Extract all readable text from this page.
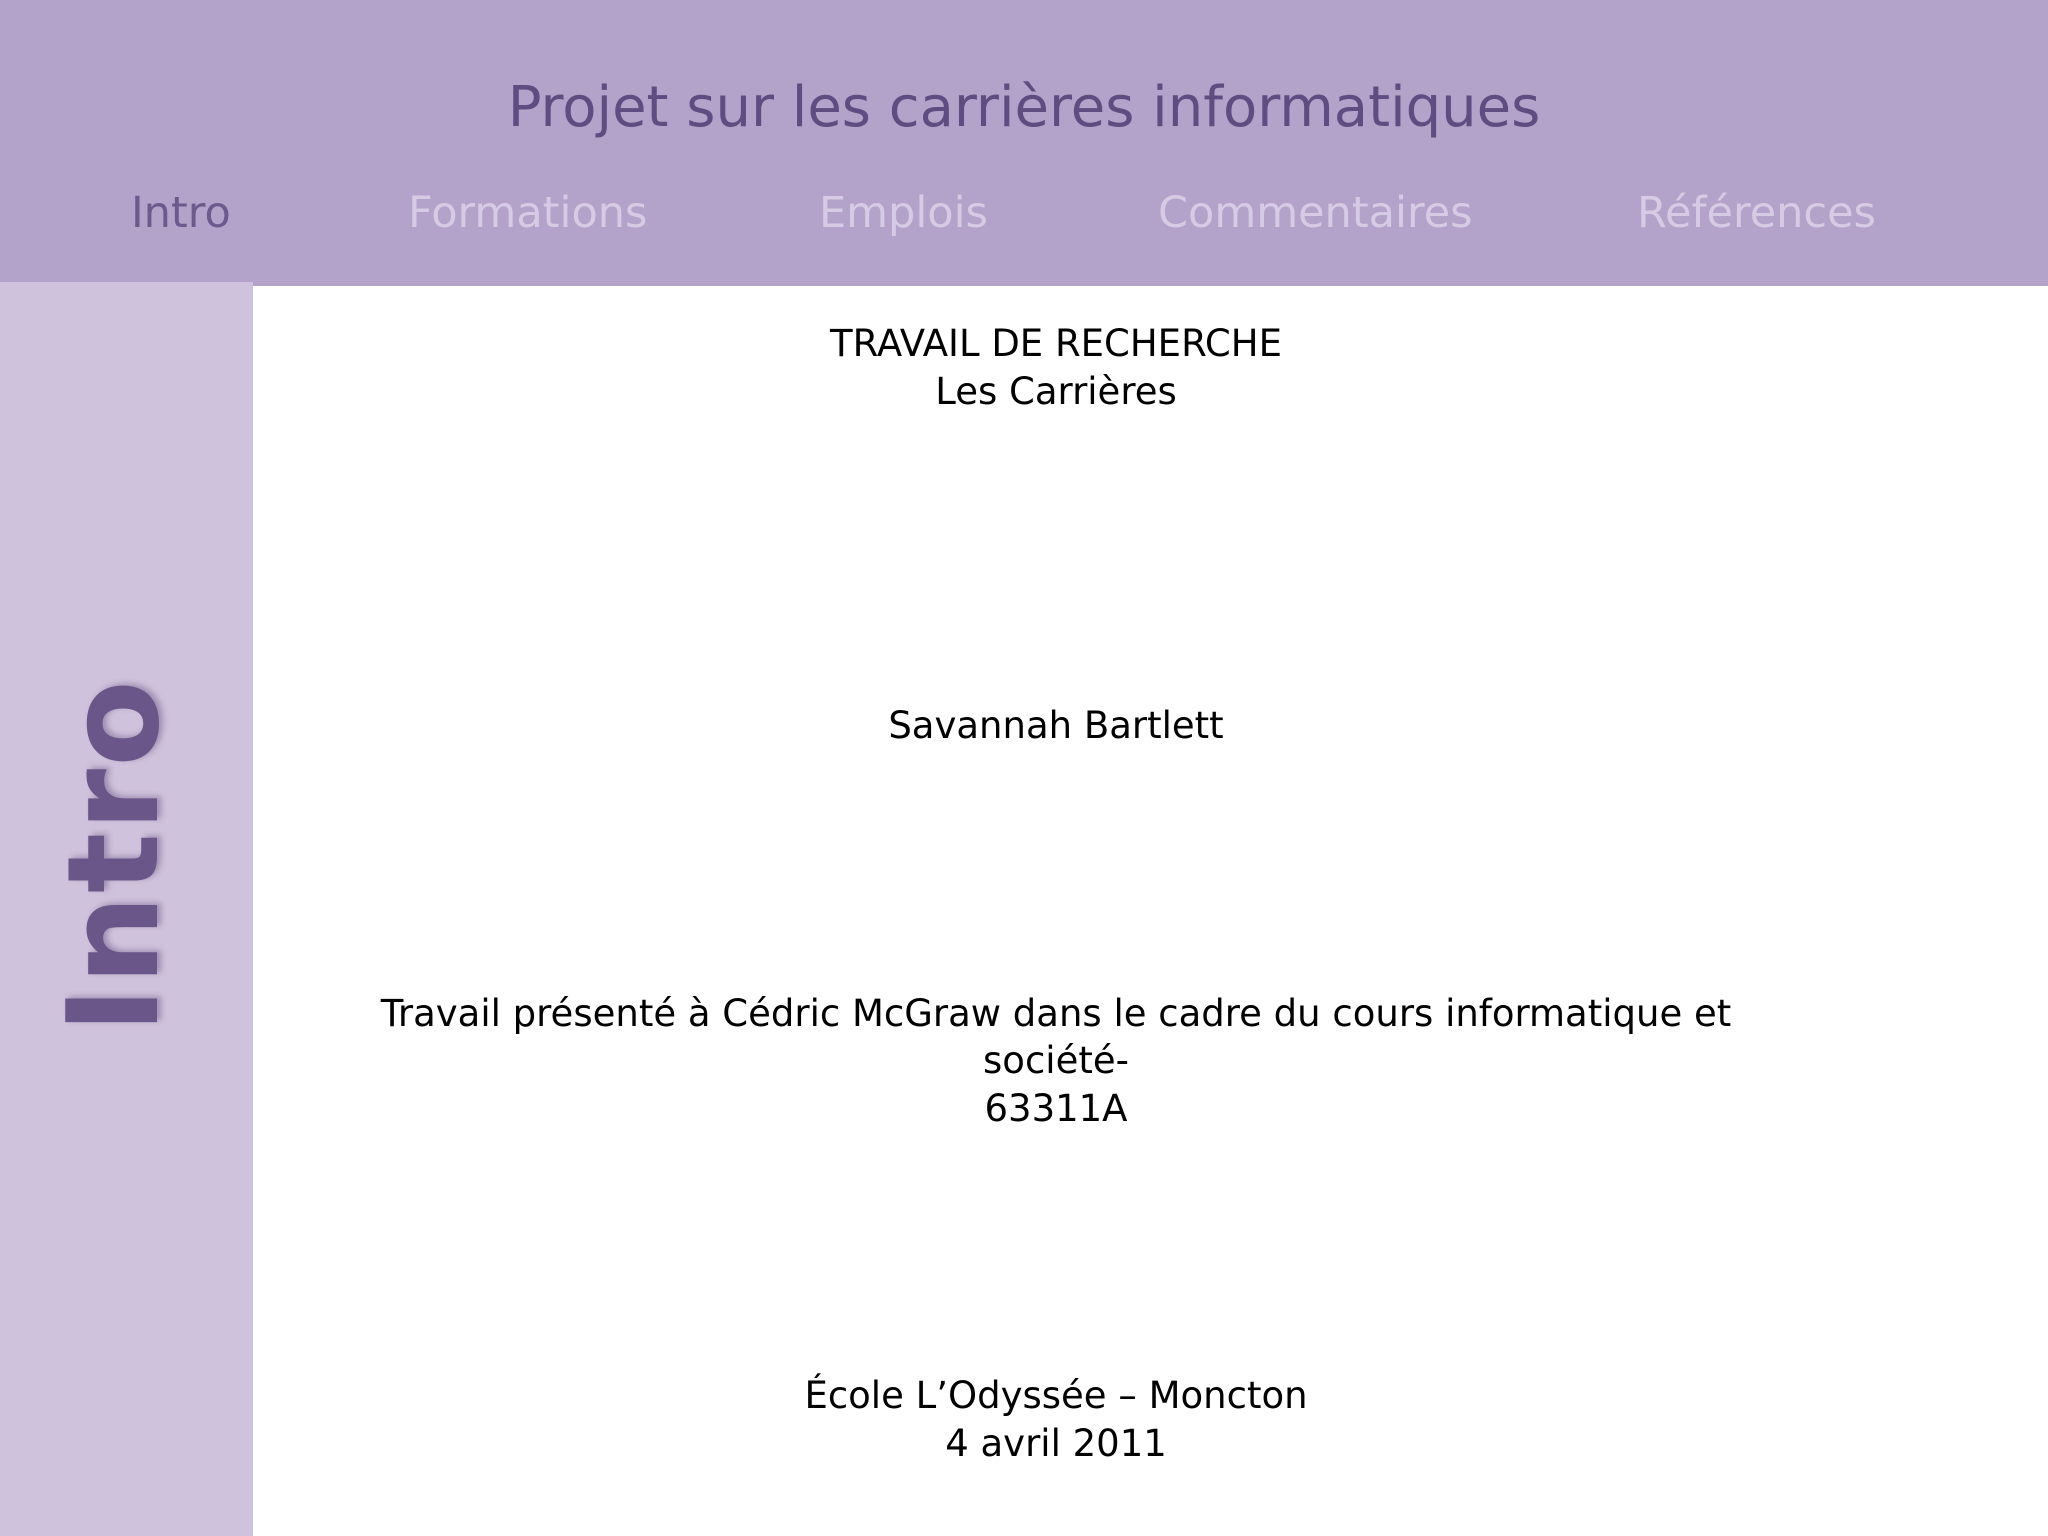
Projet sur les carrières informatiques
Intro	Formations	Emplois	Commentaires	Références
Intro
TRAVAIL DE RECHERCHE
Les Carrières
Savannah Bartlett
Travail présenté à Cédric McGraw dans le cadre du cours informatique et
société-
63311A
École L’Odyssée – Moncton
4 avril 2011
